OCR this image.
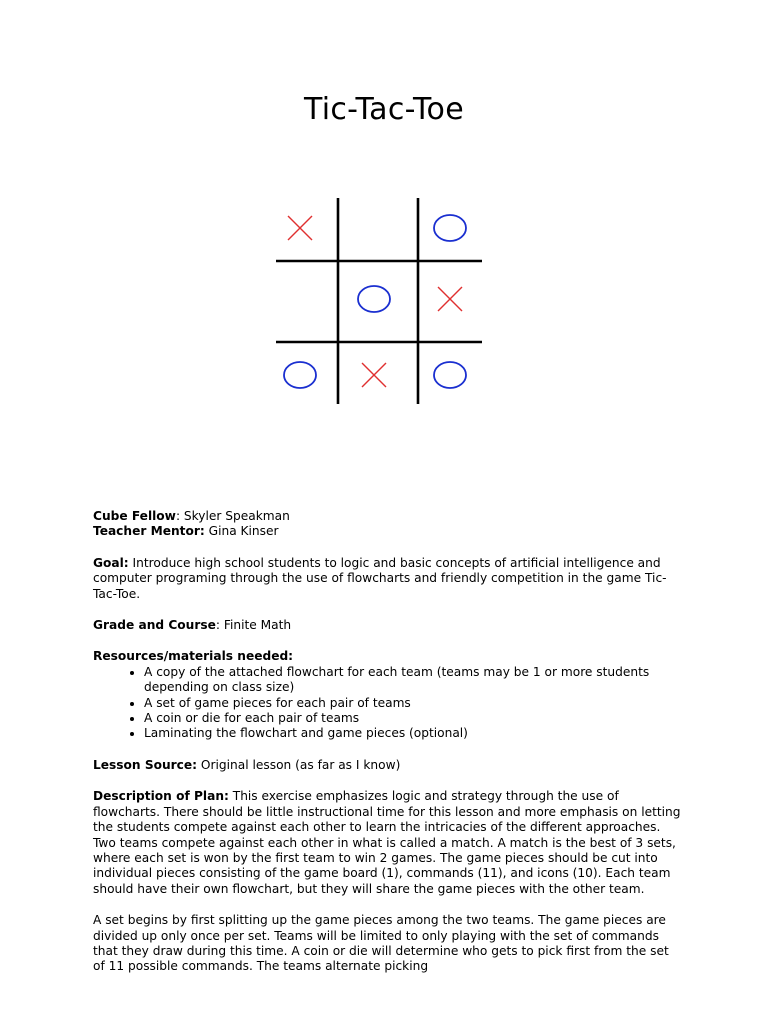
Tic-Tac-Toe

Cube Fellow: Skyler Speakman

Teacher Mentor: Gina Kinser

Goal: Introduce high school students to logic and basic concepts of artificial intelligence and computer programing through the use of flowcharts and friendly competition in the game Tic-Tac-Toe.

Grade and Course: Finite Math

Resources/materials needed:

• A copy of the attached flowchart for each team (teams may be 1 or more students depending on class size)
• A set of game pieces for each pair of teams
• A coin or die for each pair of teams
• Laminating the flowchart and game pieces (optional)

Lesson Source: Original lesson (as far as I know)

Description of Plan: This exercise emphasizes logic and strategy through the use of flowcharts. There should be little instructional time for this lesson and more emphasis on letting the students compete against each other to learn the intricacies of the different approaches. Two teams compete against each other in what is called a match. A match is the best of 3 sets, where each set is won by the first team to win 2 games. The game pieces should be cut into individual pieces consisting of the game board (1), commands (11), and icons (10). Each team should have their own flowchart, but they will share the game pieces with the other team.

A set begins by first splitting up the game pieces among the two teams. The game pieces are divided up only once per set. Teams will be limited to only playing with the set of commands that they draw during this time. A coin or die will determine who gets to pick first from the set of 11 possible commands. The teams alternate picking
